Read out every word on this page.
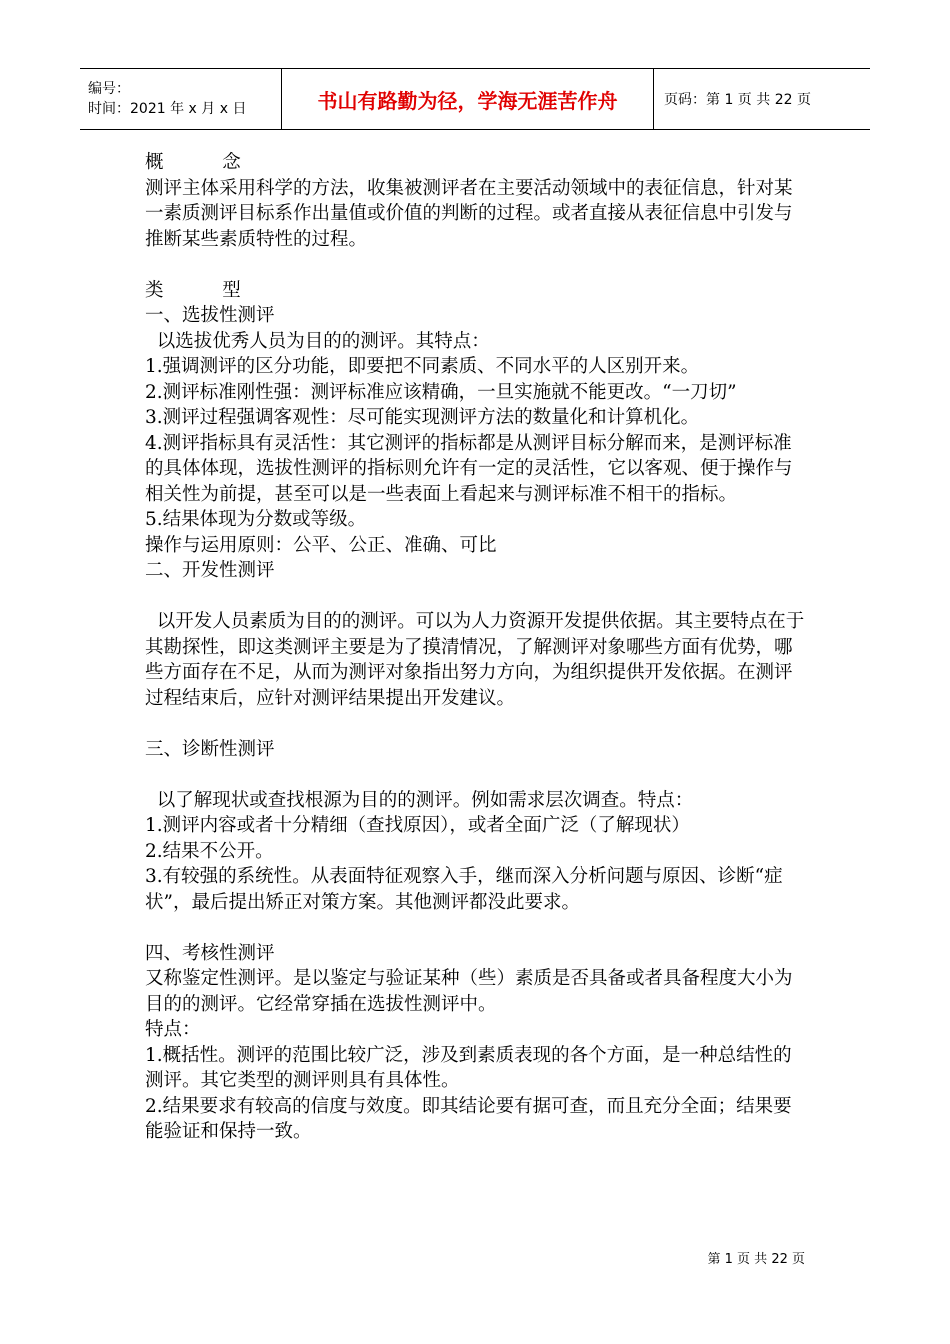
编号：
时间：2021 年 x 月 x 日	书山有路勤为径，学海无涯苦作舟	页码：第 1 页 共 22 页

概          念

测评主体采用科学的方法，收集被测评者在主要活动领域中的表征信息，针对某一素质测评目标系作出量值或价值的判断的过程。或者直接从表征信息中引发与推断某些素质特性的过程。

类          型

一、选拔性测评

以选拔优秀人员为目的的测评。其特点：

1.强调测评的区分功能，即要把不同素质、不同水平的人区别开来。

2.测评标准刚性强：测评标准应该精确，一旦实施就不能更改。“一刀切”

3.测评过程强调客观性：尽可能实现测评方法的数量化和计算机化。

4.测评指标具有灵活性：其它测评的指标都是从测评目标分解而来，是测评标准的具体体现，选拔性测评的指标则允许有一定的灵活性，它以客观、便于操作与相关性为前提，甚至可以是一些表面上看起来与测评标准不相干的指标。

5.结果体现为分数或等级。

操作与运用原则：公平、公正、准确、可比

二、开发性测评

以开发人员素质为目的的测评。可以为人力资源开发提供依据。其主要特点在于其勘探性，即这类测评主要是为了摸清情况，了解测评对象哪些方面有优势，哪些方面存在不足，从而为测评对象指出努力方向，为组织提供开发依据。在测评过程结束后，应针对测评结果提出开发建议。

三、诊断性测评

以了解现状或查找根源为目的的测评。例如需求层次调查。特点：

1.测评内容或者十分精细（查找原因），或者全面广泛（了解现状）

2.结果不公开。

3.有较强的系统性。从表面特征观察入手，继而深入分析问题与原因、诊断“症状”，最后提出矫正对策方案。其他测评都没此要求。

四、考核性测评

又称鉴定性测评。是以鉴定与验证某种（些）素质是否具备或者具备程度大小为目的的测评。它经常穿插在选拔性测评中。

特点：

1.概括性。测评的范围比较广泛，涉及到素质表现的各个方面，是一种总结性的测评。其它类型的测评则具有具体性。

2.结果要求有较高的信度与效度。即其结论要有据可查，而且充分全面；结果要能验证和保持一致。

第 1 页 共 22 页
